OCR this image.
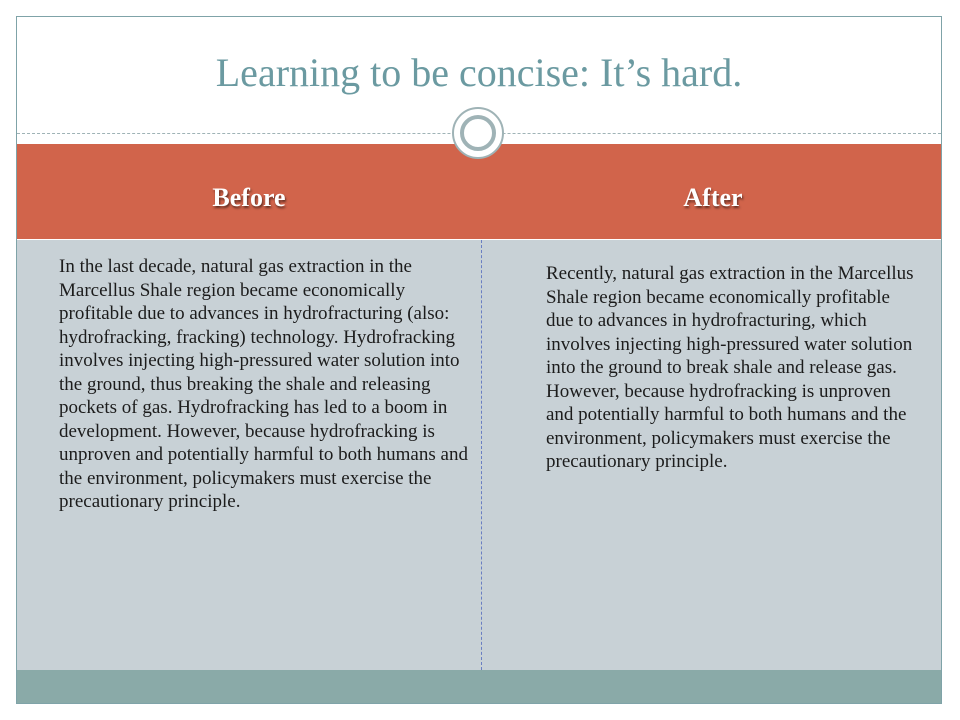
Learning to be concise: It’s hard.
Before	After

In the last decade, natural gas extraction in the Marcellus Shale region became economically profitable due to advances in hydrofracturing (also: hydrofracking, fracking) technology. Hydrofracking involves injecting high-pressured water solution into the ground, thus breaking the shale and releasing pockets of gas. Hydrofracking has led to a boom in development. However, because hydrofracking is unproven and potentially harmful to both humans and the environment, policymakers must exercise the precautionary principle.

Recently, natural gas extraction in the Marcellus Shale region became economically profitable due to advances in hydrofracturing, which involves injecting high-pressured water solution into the ground to break shale and release gas. However, because hydrofracking is unproven and potentially harmful to both humans and the environment, policymakers must exercise the precautionary principle.
